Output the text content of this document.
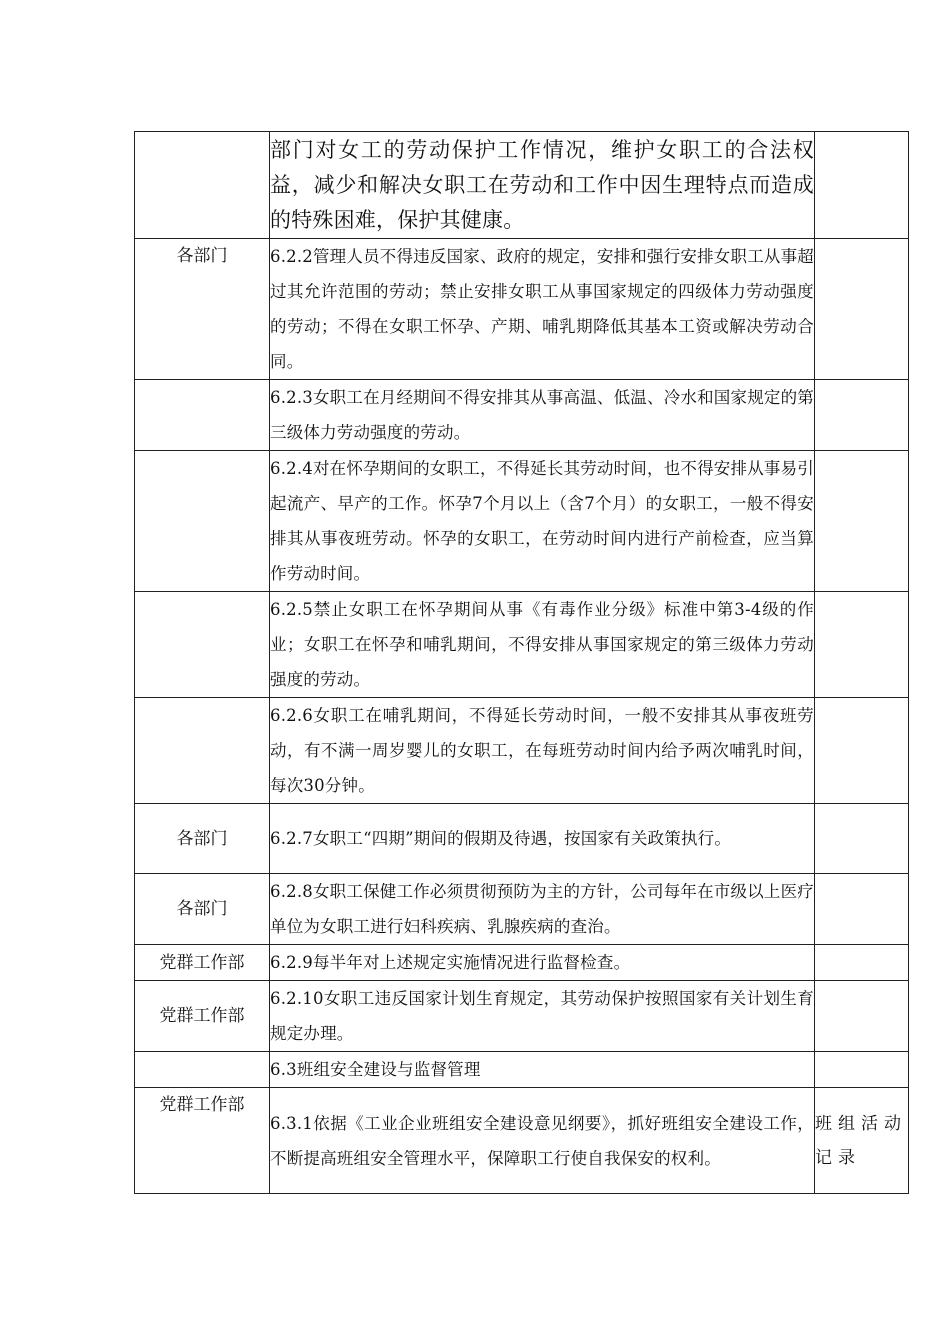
	部门对女工的劳动保护工作情况，维护女职工的合法权益，减少和解决女职工在劳动和工作中因生理特点而造成的特殊困难，保护其健康。	
各部门	6.2.2管理人员不得违反国家、政府的规定，安排和强行安排女职工从事超过其允许范围的劳动；禁止安排女职工从事国家规定的四级体力劳动强度的劳动；不得在女职工怀孕、产期、哺乳期降低其基本工资或解决劳动合同。	
	6.2.3女职工在月经期间不得安排其从事高温、低温、冷水和国家规定的第三级体力劳动强度的劳动。	
	6.2.4对在怀孕期间的女职工，不得延长其劳动时间，也不得安排从事易引起流产、早产的工作。怀孕7个月以上（含7个月）的女职工，一般不得安排其从事夜班劳动。怀孕的女职工，在劳动时间内进行产前检查，应当算作劳动时间。	
	6.2.5禁止女职工在怀孕期间从事《有毒作业分级》标准中第3-4级的作业；女职工在怀孕和哺乳期间，不得安排从事国家规定的第三级体力劳动强度的劳动。	
	6.2.6女职工在哺乳期间，不得延长劳动时间，一般不安排其从事夜班劳动，有不满一周岁婴儿的女职工，在每班劳动时间内给予两次哺乳时间，每次30分钟。	
各部门	6.2.7女职工“四期”期间的假期及待遇，按国家有关政策执行。	
各部门	6.2.8女职工保健工作必须贯彻预防为主的方针，公司每年在市级以上医疗单位为女职工进行妇科疾病、乳腺疾病的查治。	
党群工作部	6.2.9每半年对上述规定实施情况进行监督检查。	
党群工作部	6.2.10女职工违反国家计划生育规定，其劳动保护按照国家有关计划生育规定办理。	
	6.3班组安全建设与监督管理	
党群工作部	6.3.1依据《工业企业班组安全建设意见纲要》，抓好班组安全建设工作，不断提高班组安全管理水平，保障职工行使自我保安的权利。	班组活动记录
